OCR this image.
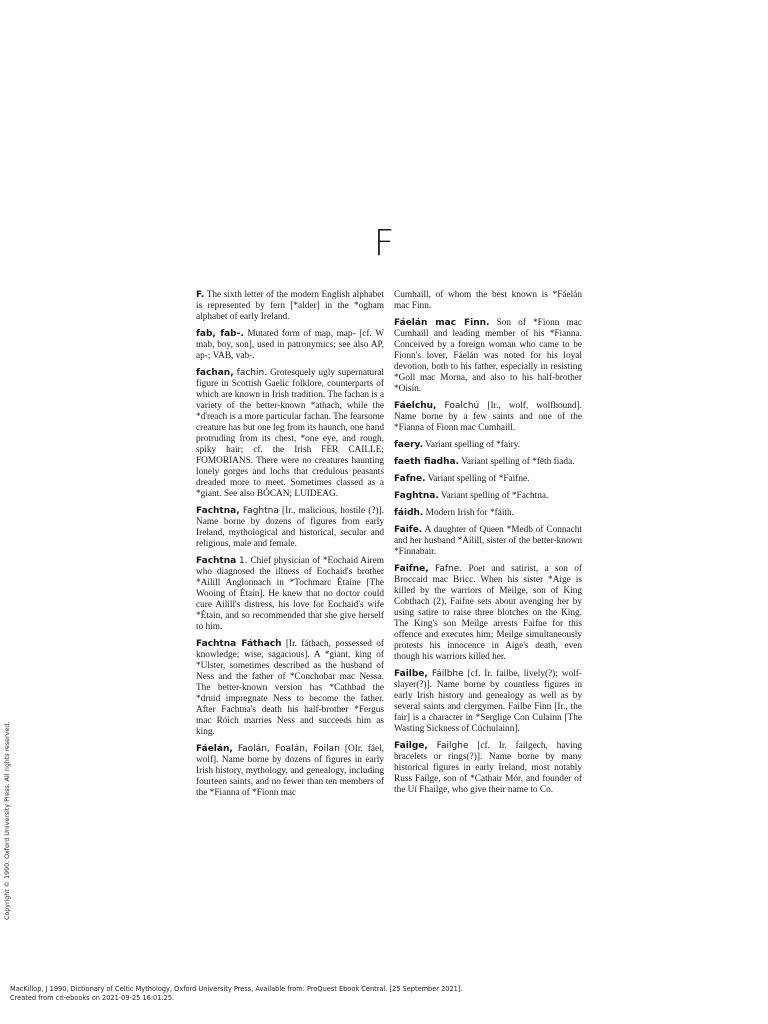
F

F. The sixth letter of the modern English alphabet is represented by fern [*alder] in the *ogham alphabet of early Ireland.

fab, fab-. Mutated form of map, map- [cf. W mab, boy, son], used in patronymics; see also AP, ap-; VAB, vab-.

fachan, fachin. Grotesquely ugly supernatural figure in Scottish Gaelic folklore, counterparts of which are known in Irish tradition. The fachan is a variety of the better-known *athach, while the *d'reach is a more particular fachan. The fearsome creature has but one leg from its haunch, one hand protruding from its chest, *one eye, and rough, spiky hair; cf. the Irish FER CAILLE; FOMORIANS. There were no creatures haunting lonely gorges and lochs that credulous peasants dreaded more to meet. Sometimes classed as a *giant. See also BÓCAN; LUIDEAG.

Fachtna, Faghtna [Ir., malicious, hostile (?)]. Name borne by dozens of figures from early Ireland, mythological and historical, secular and religious, male and female.

Fachtna 1. Chief physician of *Eochaid Airem who diagnosed the illness of Eochaid's brother *Ailill Anglonnach in *Tochmarc Étaíne [The Wooing of Étaín]. He knew that no doctor could cure Ailill's distress, his love for Eochaid's wife *Étain, and so recommended that she give herself to him.

Fachtna Fáthach [Ir. fáthach, possessed of knowledge; wise, sagacious]. A *giant, king of *Ulster, sometimes described as the husband of Ness and the father of *Conchobar mac Nessa. The better-known version has *Cathbad the *druid impregnate Ness to become the father. After Fachtna's death his half-brother *Fergus mac Róich marries Ness and succeeds him as king.

Fáelán, Faolán, Foalán, Foilan [OIr. fáel, wolf]. Name borne by dozens of figures in early Irish history, mythology, and genealogy, including fourteen saints, and no fewer than ten members of the *Fianna of *Fionn mac

Cumhaill, of whom the best known is *Fáelán mac Finn.

Fáelán mac Finn. Son of *Fionn mac Cumhaill and leading member of his *Fianna. Conceived by a foreign woman who came to be Fionn's lover, Fáelán was noted for his loyal devotion, both to his father, especially in resisting *Goll mac Morna, and also to his half-brother *Oisín.

Fáelchu, Foalchú [Ir., wolf, wolfhound]. Name borne by a few saints and one of the *Fianna of Fionn mac Cumhaill.

faery. Variant spelling of *fairy.

faeth fiadha. Variant spelling of *fēth fiada.

Fafne. Variant spelling of *Faifne.

Faghtna. Variant spelling of *Fachtna.

fáidh. Modern Irish for *fáith.

Faife. A daughter of Queen *Medb of Connacht and her husband *Ailill, sister of the better-known *Finnabair.

Faifne, Fafne. Poet and satirist, a son of Broccaid mac Bricc. When his sister *Aige is killed by the warriors of Meilge, son of King Cobthach (2), Faifne sets about avenging her by using satire to raise three blotches on the King. The King's son Meilge arrests Faifne for this offence and executes him; Meilge simultaneously protests his innocence in Aige's death, even though his warriors killed her.

Failbe, Fáilbhe [cf. Ir. failbe, lively(?); wolf-slayer(?)]. Name borne by countless figures in early Irish history and genealogy as well as by several saints and clergymen. Failbe Finn [Ir., the fair] is a character in *Serglige Con Culainn [The Wasting Sickness of Cúchulainn].

Failge, Failghe [cf. Ir. failgech, having bracelets or rings(?)]. Name borne by many historical figures in early Ireland, most notably Russ Failge, son of *Cathair Mór, and founder of the Uí Fhailge, who give their name to Co.

Copyright © 1990. Oxford University Press. All rights reserved.
MacKillop, J 1990, Dictionary of Celtic Mythology, Oxford University Press, Available from: ProQuest Ebook Central. [25 September 2021].
Created from cit-ebooks on 2021-09-25 16:01:25.
